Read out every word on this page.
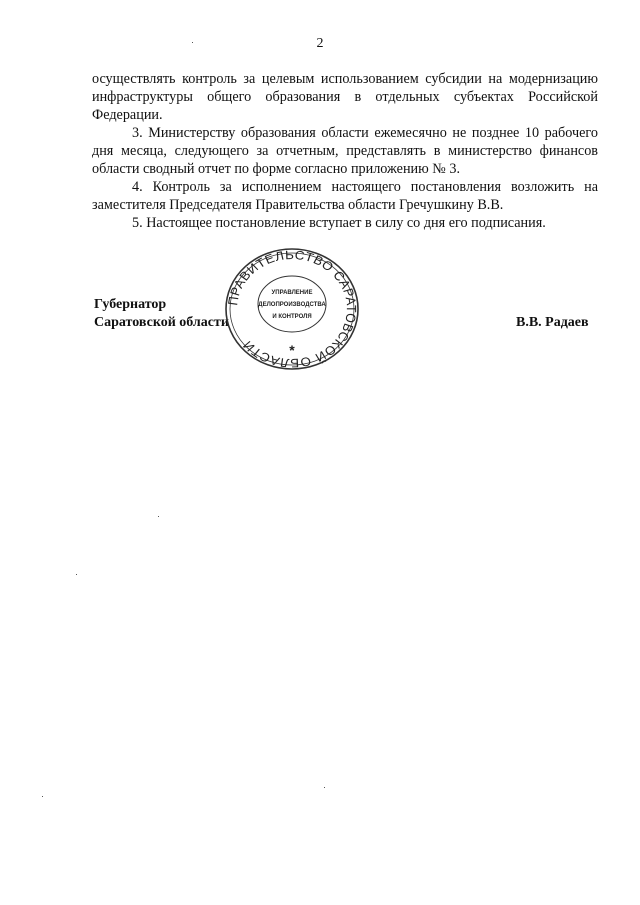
2

осуществлять контроль за целевым использованием субсидии на модернизацию инфраструктуры общего образования в отдельных субъектах Российской Федерации.

3. Министерству образования области ежемесячно не позднее 10 рабочего дня месяца, следующего за отчетным, представлять в министерство финансов области сводный отчет по форме согласно приложению № 3.

4. Контроль за исполнением настоящего постановления возложить на заместителя Председателя Правительства области Гречушкину В.В.

5. Настоящее постановление вступает в силу со дня его подписания.

Губернатор
Саратовской области
ПРАВИТЕЛЬСТВО САРАТОВСКОЙ ОБЛАСТИ
УПРАВЛЕНИЕ
ДЕЛОПРОИЗВОДСТВА
И КОНТРОЛЯ
*
В.В. Радаев
